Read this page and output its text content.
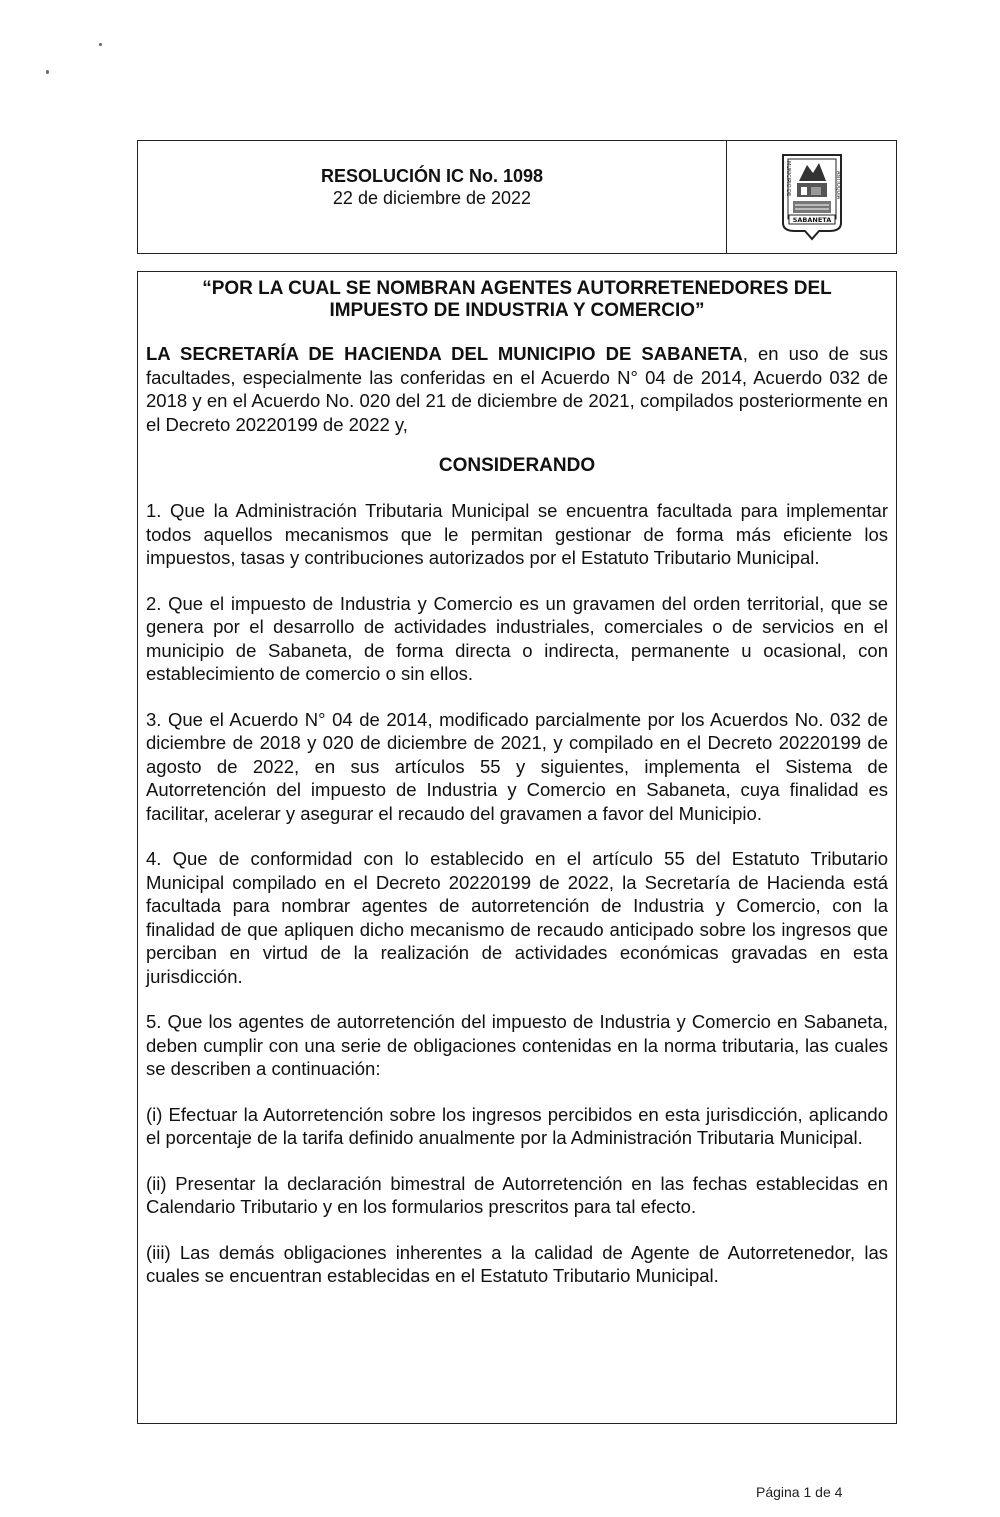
RESOLUCIÓN IC No. 1098
22 de diciembre de 2022
MUNICIPIO DE	ANTIOQUIA
SABANETA
“POR LA CUAL SE NOMBRAN AGENTES AUTORRETENEDORES DEL
IMPUESTO DE INDUSTRIA Y COMERCIO”

LA SECRETARÍA DE HACIENDA DEL MUNICIPIO DE SABANETA, en uso de sus facultades, especialmente las conferidas en el Acuerdo N° 04 de 2014, Acuerdo 032 de 2018 y en el Acuerdo No. 020 del 21 de diciembre de 2021, compilados posteriormente en el Decreto 20220199 de 2022 y,

CONSIDERANDO

1. Que la Administración Tributaria Municipal se encuentra facultada para implementar todos aquellos mecanismos que le permitan gestionar de forma más eficiente los impuestos, tasas y contribuciones autorizados por el Estatuto Tributario Municipal.

2. Que el impuesto de Industria y Comercio es un gravamen del orden territorial, que se genera por el desarrollo de actividades industriales, comerciales o de servicios en el municipio de Sabaneta, de forma directa o indirecta, permanente u ocasional, con establecimiento de comercio o sin ellos.

3. Que el Acuerdo N° 04 de 2014, modificado parcialmente por los Acuerdos No. 032 de diciembre de 2018 y 020 de diciembre de 2021, y compilado en el Decreto 20220199 de agosto de 2022, en sus artículos 55 y siguientes, implementa el Sistema de Autorretención del impuesto de Industria y Comercio en Sabaneta, cuya finalidad es facilitar, acelerar y asegurar el recaudo del gravamen a favor del Municipio.

4. Que de conformidad con lo establecido en el artículo 55 del Estatuto Tributario Municipal compilado en el Decreto 20220199 de 2022, la Secretaría de Hacienda está facultada para nombrar agentes de autorretención de Industria y Comercio, con la finalidad de que apliquen dicho mecanismo de recaudo anticipado sobre los ingresos que perciban en virtud de la realización de actividades económicas gravadas en esta jurisdicción.

5. Que los agentes de autorretención del impuesto de Industria y Comercio en Sabaneta, deben cumplir con una serie de obligaciones contenidas en la norma tributaria, las cuales se describen a continuación:

(i) Efectuar la Autorretención sobre los ingresos percibidos en esta jurisdicción, aplicando el porcentaje de la tarifa definido anualmente por la Administración Tributaria Municipal.

(ii) Presentar la declaración bimestral de Autorretención en las fechas establecidas en Calendario Tributario y en los formularios prescritos para tal efecto.

(iii) Las demás obligaciones inherentes a la calidad de Agente de Autorretenedor, las cuales se encuentran establecidas en el Estatuto Tributario Municipal.

Página 1 de 4
